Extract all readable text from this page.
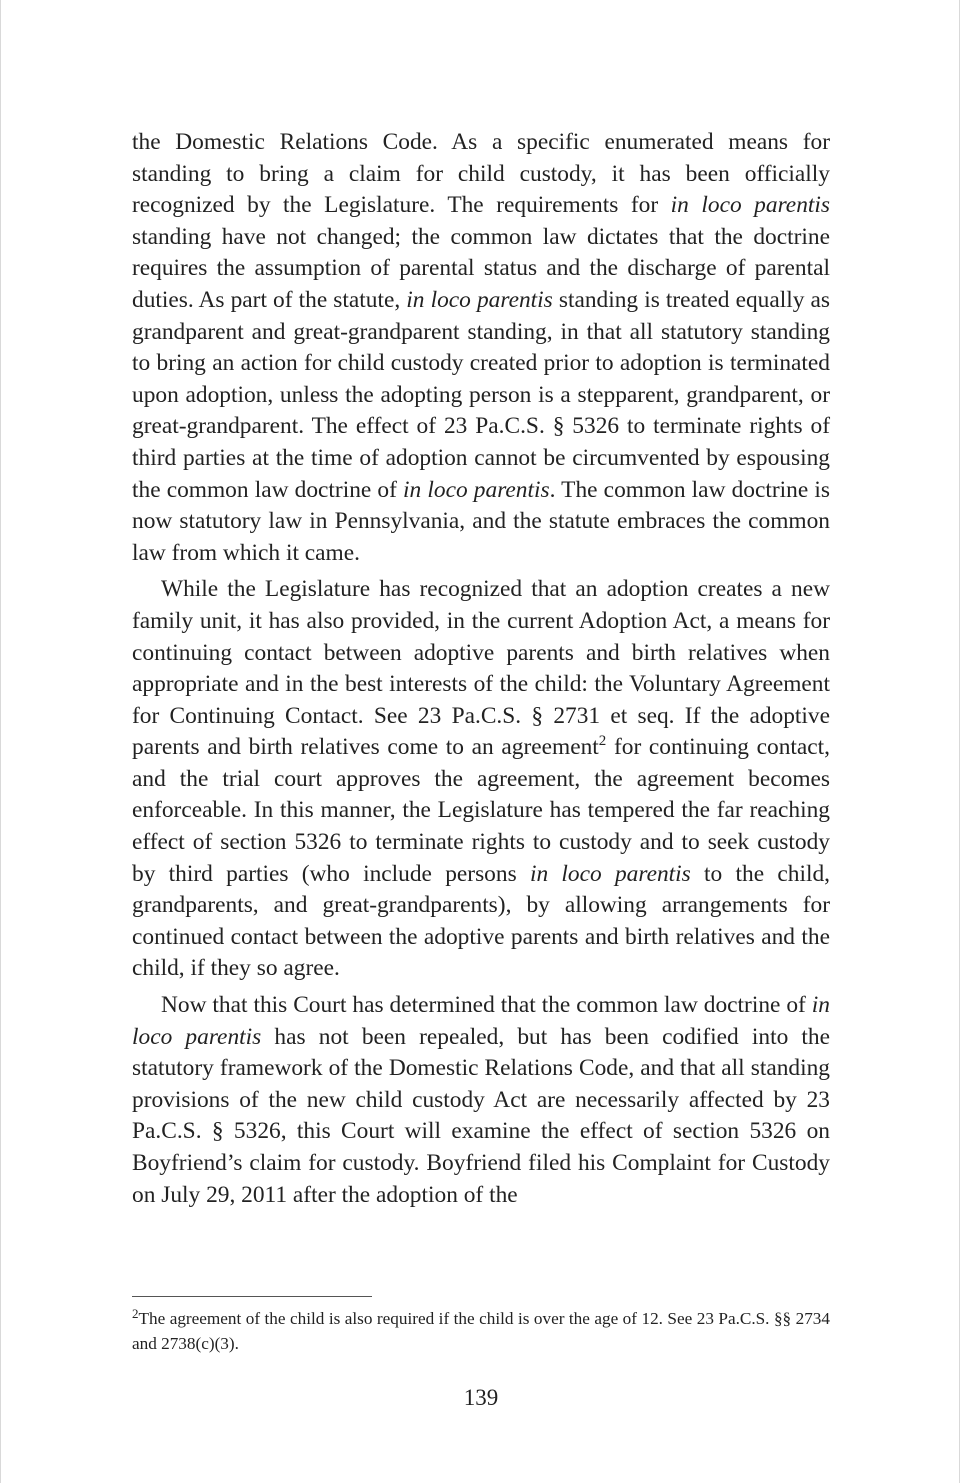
the Domestic Relations Code. As a specific enumerated means for standing to bring a claim for child custody, it has been officially recognized by the Legislature. The requirements for in loco parentis standing have not changed; the common law dictates that the doctrine requires the assumption of parental status and the discharge of parental duties. As part of the statute, in loco parentis standing is treated equally as grandparent and great-grandparent standing, in that all statutory standing to bring an action for child custody created prior to adoption is terminated upon adoption, unless the adopting person is a stepparent, grandparent, or great-grandparent. The effect of 23 Pa.C.S. § 5326 to terminate rights of third parties at the time of adoption cannot be circumvented by espousing the common law doctrine of in loco parentis. The common law doctrine is now statutory law in Pennsylvania, and the statute embraces the common law from which it came.

While the Legislature has recognized that an adoption creates a new family unit, it has also provided, in the current Adoption Act, a means for continuing contact between adoptive parents and birth relatives when appropriate and in the best interests of the child: the Voluntary Agreement for Continuing Contact. See 23 Pa.C.S. § 2731 et seq. If the adoptive parents and birth relatives come to an agreement$^2$ for continuing contact, and the trial court approves the agreement, the agreement becomes enforceable. In this manner, the Legislature has tempered the far reaching effect of section 5326 to terminate rights to custody and to seek custody by third parties (who include persons in loco parentis to the child, grandparents, and great-grandparents), by allowing arrangements for continued contact between the adoptive parents and birth relatives and the child, if they so agree.

Now that this Court has determined that the common law doctrine of in loco parentis has not been repealed, but has been codified into the statutory framework of the Domestic Relations Code, and that all standing provisions of the new child custody Act are necessarily affected by 23 Pa.C.S. § 5326, this Court will examine the effect of section 5326 on Boyfriend’s claim for custody. Boyfriend filed his Complaint for Custody on July 29, 2011 after the adoption of the

$^2$The agreement of the child is also required if the child is over the age of 12. See 23 Pa.C.S. §§ 2734 and 2738(c)(3).
139
